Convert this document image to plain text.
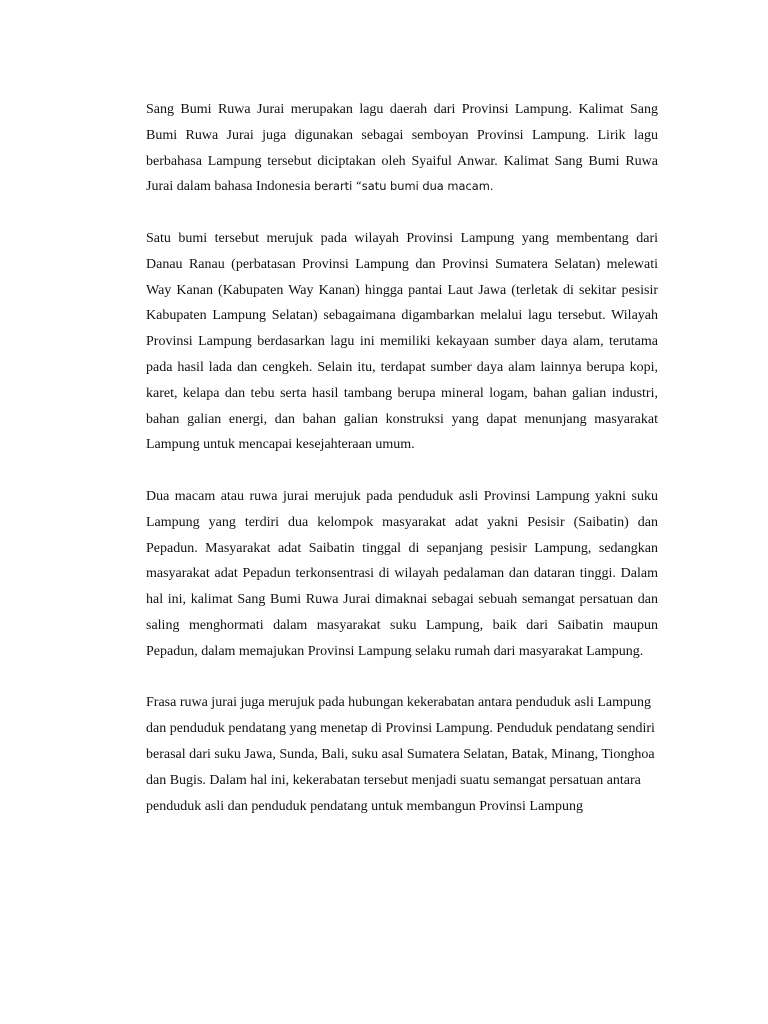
Sang Bumi Ruwa Jurai merupakan lagu daerah dari Provinsi Lampung. Kalimat Sang Bumi Ruwa Jurai juga digunakan sebagai semboyan Provinsi Lampung. Lirik lagu berbahasa Lampung tersebut diciptakan oleh Syaiful Anwar. Kalimat Sang Bumi Ruwa Jurai dalam bahasa Indonesia berarti “satu bumi dua macam.

Satu bumi tersebut merujuk pada wilayah Provinsi Lampung yang membentang dari Danau Ranau (perbatasan Provinsi Lampung dan Provinsi Sumatera Selatan) melewati Way Kanan (Kabupaten Way Kanan) hingga pantai Laut Jawa (terletak di sekitar pesisir Kabupaten Lampung Selatan) sebagaimana digambarkan melalui lagu tersebut. Wilayah Provinsi Lampung berdasarkan lagu ini memiliki kekayaan sumber daya alam, terutama pada hasil lada dan cengkeh. Selain itu, terdapat sumber daya alam lainnya berupa kopi, karet, kelapa dan tebu serta hasil tambang berupa mineral logam, bahan galian industri, bahan galian energi, dan bahan galian konstruksi yang dapat menunjang masyarakat Lampung untuk mencapai kesejahteraan umum.

Dua macam atau ruwa jurai merujuk pada penduduk asli Provinsi Lampung yakni suku Lampung yang terdiri dua kelompok masyarakat adat yakni Pesisir (Saibatin) dan Pepadun. Masyarakat adat Saibatin tinggal di sepanjang pesisir Lampung, sedangkan masyarakat adat Pepadun terkonsentrasi di wilayah pedalaman dan dataran tinggi. Dalam hal ini, kalimat Sang Bumi Ruwa Jurai dimaknai sebagai sebuah semangat persatuan dan saling menghormati dalam masyarakat suku Lampung, baik dari Saibatin maupun Pepadun, dalam memajukan Provinsi Lampung selaku rumah dari masyarakat Lampung.

Frasa ruwa jurai juga merujuk pada hubungan kekerabatan antara penduduk asli Lampung dan penduduk pendatang yang menetap di Provinsi Lampung. Penduduk pendatang sendiri berasal dari suku Jawa, Sunda, Bali, suku asal Sumatera Selatan, Batak, Minang, Tionghoa dan Bugis. Dalam hal ini, kekerabatan tersebut menjadi suatu semangat persatuan antara penduduk asli dan penduduk pendatang untuk membangun Provinsi Lampung
